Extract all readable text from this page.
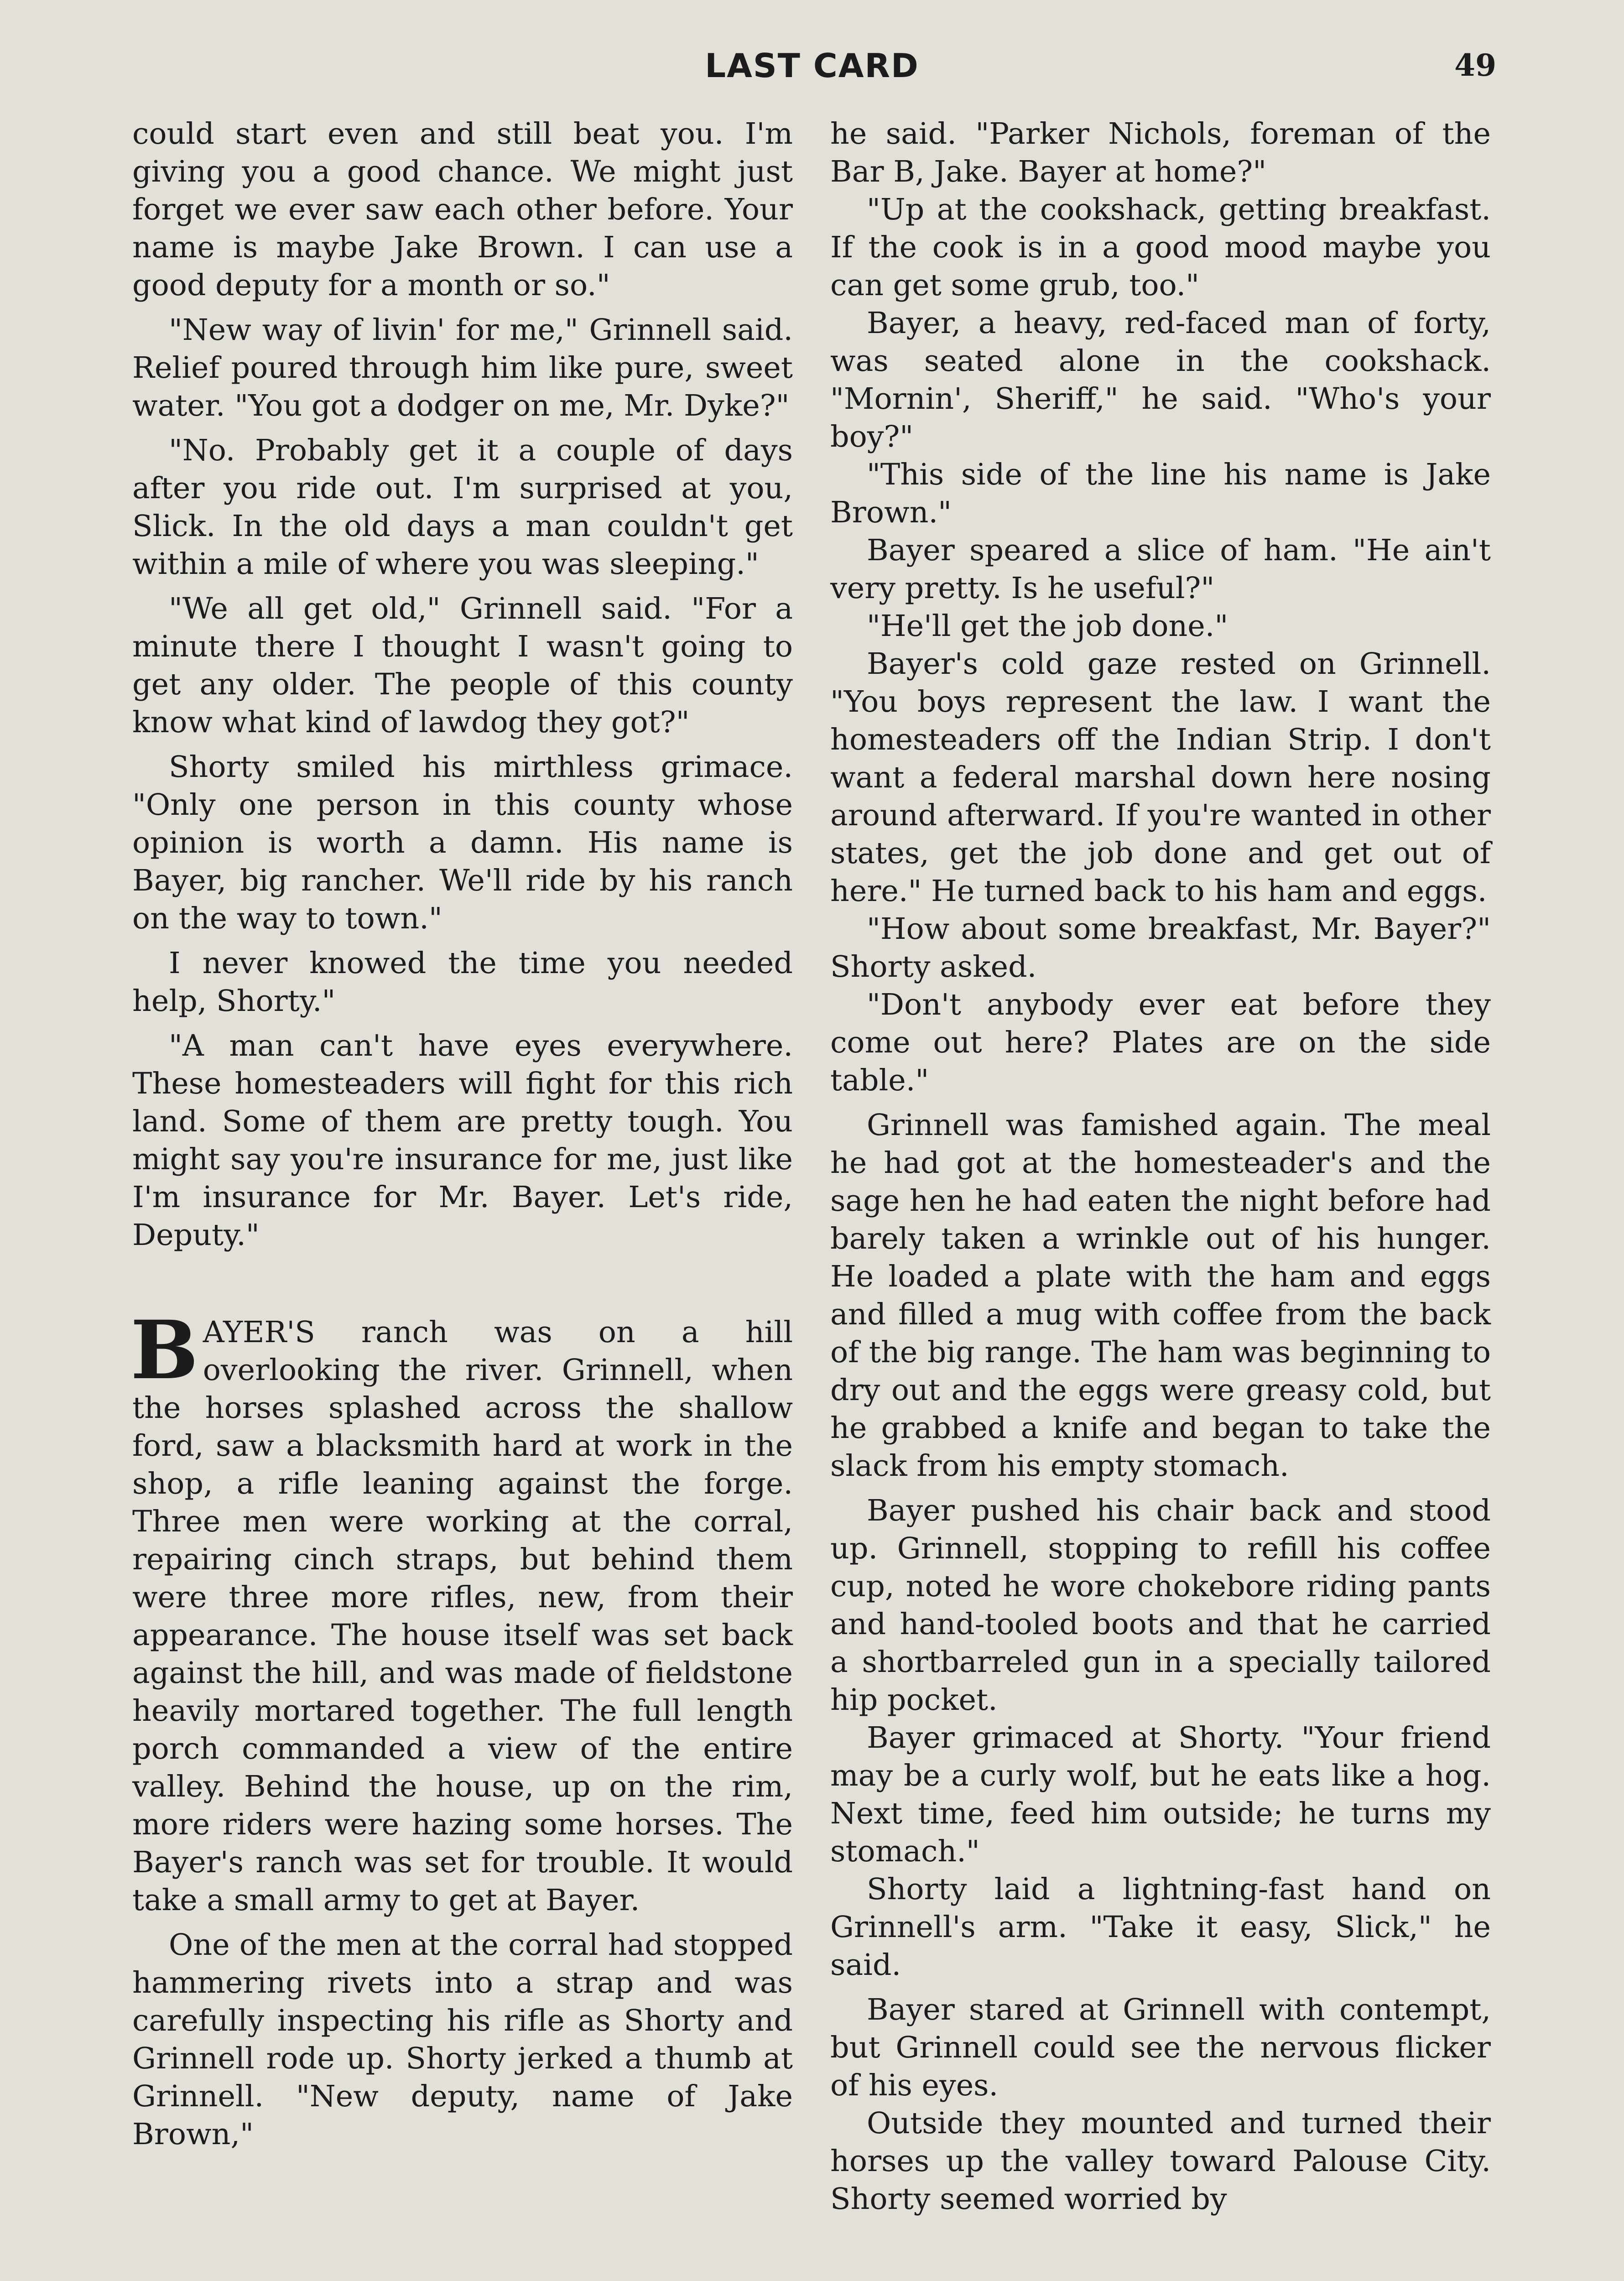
LAST CARD	49

could start even and still beat you. I'm giving you a good chance. We might just forget we ever saw each other before. Your name is maybe Jake Brown. I can use a good deputy for a month or so."

"New way of livin' for me," Grinnell said. Relief poured through him like pure, sweet water. "You got a dodger on me, Mr. Dyke?"

"No. Probably get it a couple of days after you ride out. I'm surprised at you, Slick. In the old days a man couldn't get within a mile of where you was sleeping."

"We all get old," Grinnell said. "For a minute there I thought I wasn't going to get any older. The people of this county know what kind of lawdog they got?"

Shorty smiled his mirthless grimace. "Only one person in this county whose opinion is worth a damn. His name is Bayer, big rancher. We'll ride by his ranch on the way to town."

I never knowed the time you needed help, Shorty."

"A man can't have eyes everywhere. These homesteaders will fight for this rich land. Some of them are pretty tough. You might say you're insurance for me, just like I'm insurance for Mr. Bayer. Let's ride, Deputy."

BAYER'S ranch was on a hill overlooking the river. Grinnell, when the horses splashed across the shallow ford, saw a blacksmith hard at work in the shop, a rifle leaning against the forge. Three men were working at the corral, repairing cinch straps, but behind them were three more rifles, new, from their appearance. The house itself was set back against the hill, and was made of fieldstone heavily mortared together. The full length porch commanded a view of the entire valley. Behind the house, up on the rim, more riders were hazing some horses. The Bayer's ranch was set for trouble. It would take a small army to get at Bayer.

One of the men at the corral had stopped hammering rivets into a strap and was carefully inspecting his rifle as Shorty and Grinnell rode up. Shorty jerked a thumb at Grinnell. "New deputy, name of Jake Brown,"

he said. "Parker Nichols, foreman of the Bar B, Jake. Bayer at home?"

"Up at the cookshack, getting breakfast. If the cook is in a good mood maybe you can get some grub, too."

Bayer, a heavy, red-faced man of forty, was seated alone in the cookshack. "Mornin', Sheriff," he said. "Who's your boy?"

"This side of the line his name is Jake Brown."

Bayer speared a slice of ham. "He ain't very pretty. Is he useful?"

"He'll get the job done."

Bayer's cold gaze rested on Grinnell. "You boys represent the law. I want the homesteaders off the Indian Strip. I don't want a federal marshal down here nosing around afterward. If you're wanted in other states, get the job done and get out of here." He turned back to his ham and eggs.

"How about some breakfast, Mr. Bayer?" Shorty asked.

"Don't anybody ever eat before they come out here? Plates are on the side table."

Grinnell was famished again. The meal he had got at the homesteader's and the sage hen he had eaten the night before had barely taken a wrinkle out of his hunger. He loaded a plate with the ham and eggs and filled a mug with coffee from the back of the big range. The ham was beginning to dry out and the eggs were greasy cold, but he grabbed a knife and began to take the slack from his empty stomach.

Bayer pushed his chair back and stood up. Grinnell, stopping to refill his coffee cup, noted he wore chokebore riding pants and hand-tooled boots and that he carried a shortbarreled gun in a specially tailored hip pocket.

Bayer grimaced at Shorty. "Your friend may be a curly wolf, but he eats like a hog. Next time, feed him outside; he turns my stomach."

Shorty laid a lightning-fast hand on Grinnell's arm. "Take it easy, Slick," he said.

Bayer stared at Grinnell with contempt, but Grinnell could see the nervous flicker of his eyes.

Outside they mounted and turned their horses up the valley toward Palouse City. Shorty seemed worried by
